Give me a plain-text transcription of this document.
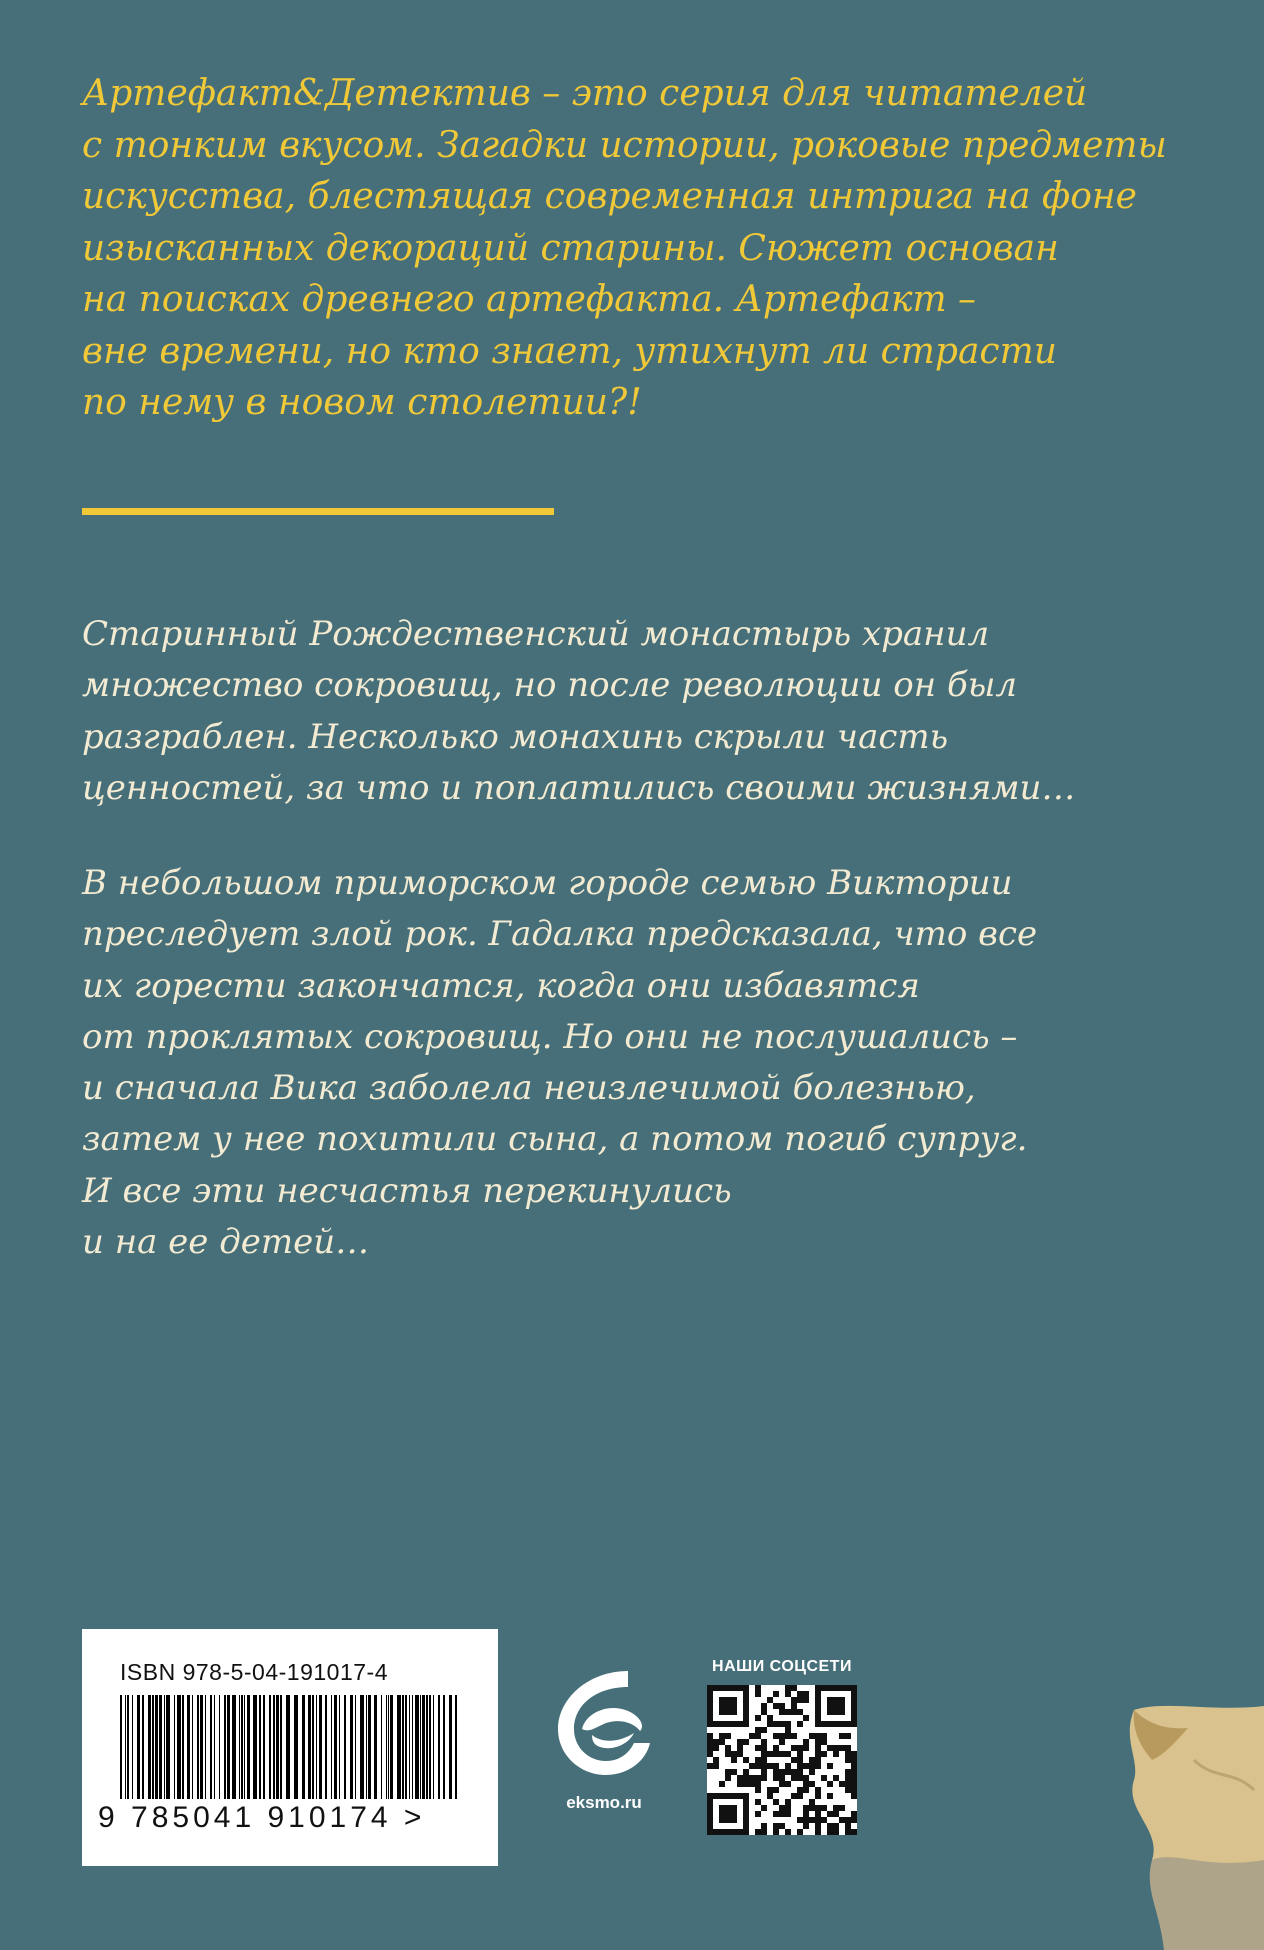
Артефакт&Детектив – это серия для читателей
с тонким вкусом. Загадки истории, роковые предметы
искусства, блестящая современная интрига на фоне
изысканных декораций старины. Сюжет основан
на поисках древнего артефакта. Артефакт –
вне времени, но кто знает, утихнут ли страсти
по нему в новом столетии?!
Старинный Рождественский монастырь хранил
множество сокровищ, но после революции он был
разграблен. Несколько монахинь скрыли часть
ценностей, за что и поплатились своими жизнями…
В небольшом приморском городе семью Виктории
преследует злой рок. Гадалка предсказала, что все
их горести закончатся, когда они избавятся
от проклятых сокровищ. Но они не послушались –
и сначала Вика заболела неизлечимой болезнью,
затем у нее похитили сына, а потом погиб супруг.
И все эти несчастья перекинулись
и на ее детей…
ISBN 978-5-04-191017-4
9 785041 910174 >	eksmo.ru
НАШИ СОЦСЕТИ
